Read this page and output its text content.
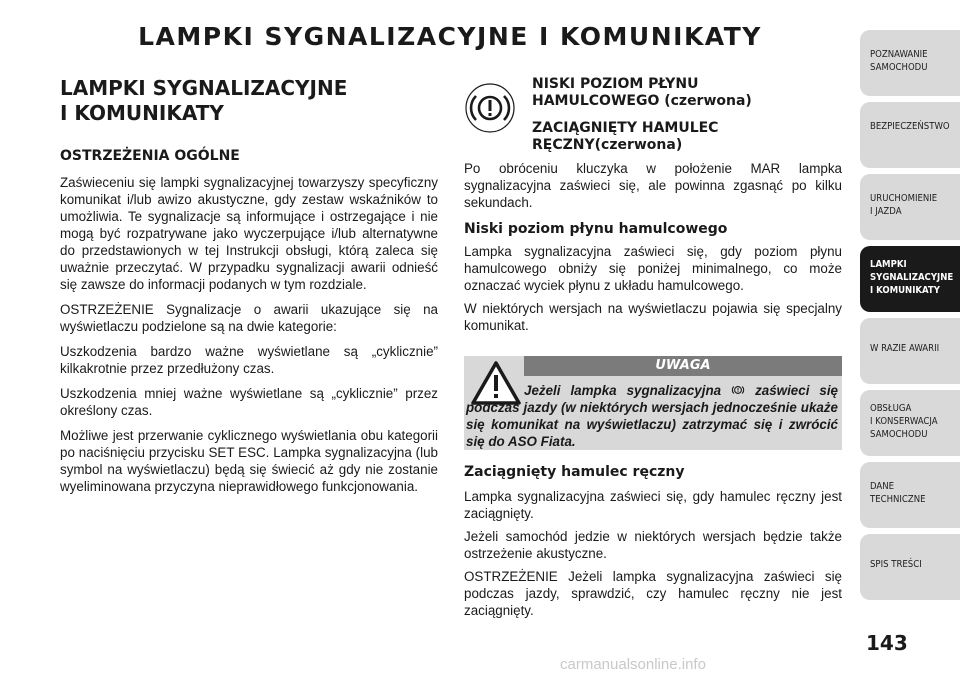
LAMPKI SYGNALIZACYJNE I KOMUNIKATY

LAMPKI SYGNALIZACYJNE

I KOMUNIKATY

OSTRZEŻENIA OGÓLNE

Zaświeceniu się lampki sygnalizacyjnej towarzyszy specyficzny komunikat i/lub awizo akustyczne, gdy zestaw wskaźników to umożliwia. Te sygnalizacje są informujące i ostrzegające i nie mogą być rozpatrywane jako wyczerpujące i/lub alternatywne do przedstawionych w tej Instrukcji obsługi, którą zaleca się uważnie przeczytać. W przypadku sygnalizacji awarii odnieść się zawsze do informacji podanych w tym rozdziale.

OSTRZEŻENIE Sygnalizacje o awarii ukazujące się na wyświetlaczu podzielone są na dwie kategorie:

Uszkodzenia bardzo ważne wyświetlane są „cyklicznie” kilkakrotnie przez przedłużony czas.

Uszkodzenia mniej ważne wyświetlane są „cyklicznie” przez określony czas.

Możliwe jest przerwanie cyklicznego wyświetlania obu kategorii po naciśnięciu przycisku SET ESC. Lampka sygnalizacyjna (lub symbol na wyświetlaczu) będą się świecić aż gdy nie zostanie wyeliminowana przyczyna nieprawidłowego funkcjonowania.

NISKI POZIOM PŁYNU

HAMULCOWEGO (czerwona)

ZACIĄGNIĘTY HAMULEC

RĘCZNY(czerwona)

Po obróceniu kluczyka w położenie MAR lampka sygnalizacyjna zaświeci się, ale powinna zgasnąć po kilku sekundach.

Niski poziom płynu hamulcowego

Lampka sygnalizacyjna zaświeci się, gdy poziom płynu hamulcowego obniży się poniżej minimalnego, co może oznaczać wyciek płynu z układu hamulcowego.

W niektórych wersjach na wyświetlaczu pojawia się specjalny komunikat.

UWAGA
Jeżeli lampka sygnalizacyjna  zaświeci się podczas jazdy (w niektórych wersjach jednocześnie ukaże się komunikat na wyświetlaczu) zatrzymać się i zwrócić się do ASO Fiata.

Zaciągnięty hamulec ręczny

Lampka sygnalizacyjna zaświeci się, gdy hamulec ręczny jest zaciągnięty.

Jeżeli samochód jedzie w niektórych wersjach będzie także ostrzeżenie akustyczne.

OSTRZEŻENIE Jeżeli lampka sygnalizacyjna zaświeci się podczas jazdy, sprawdzić, czy hamulec ręczny nie jest zaciągnięty.

POZNAWANIE
SAMOCHODU
BEZPIECZEŃSTWO
URUCHOMIENIE
I JAZDA
LAMPKI
SYGNALIZACYJNE
I KOMUNIKATY
W RAZIE AWARII
OBSŁUGA
I KONSERWACJA
SAMOCHODU
DANE
TECHNICZNE
SPIS TREŚCI
143
carmanualsonline.info
